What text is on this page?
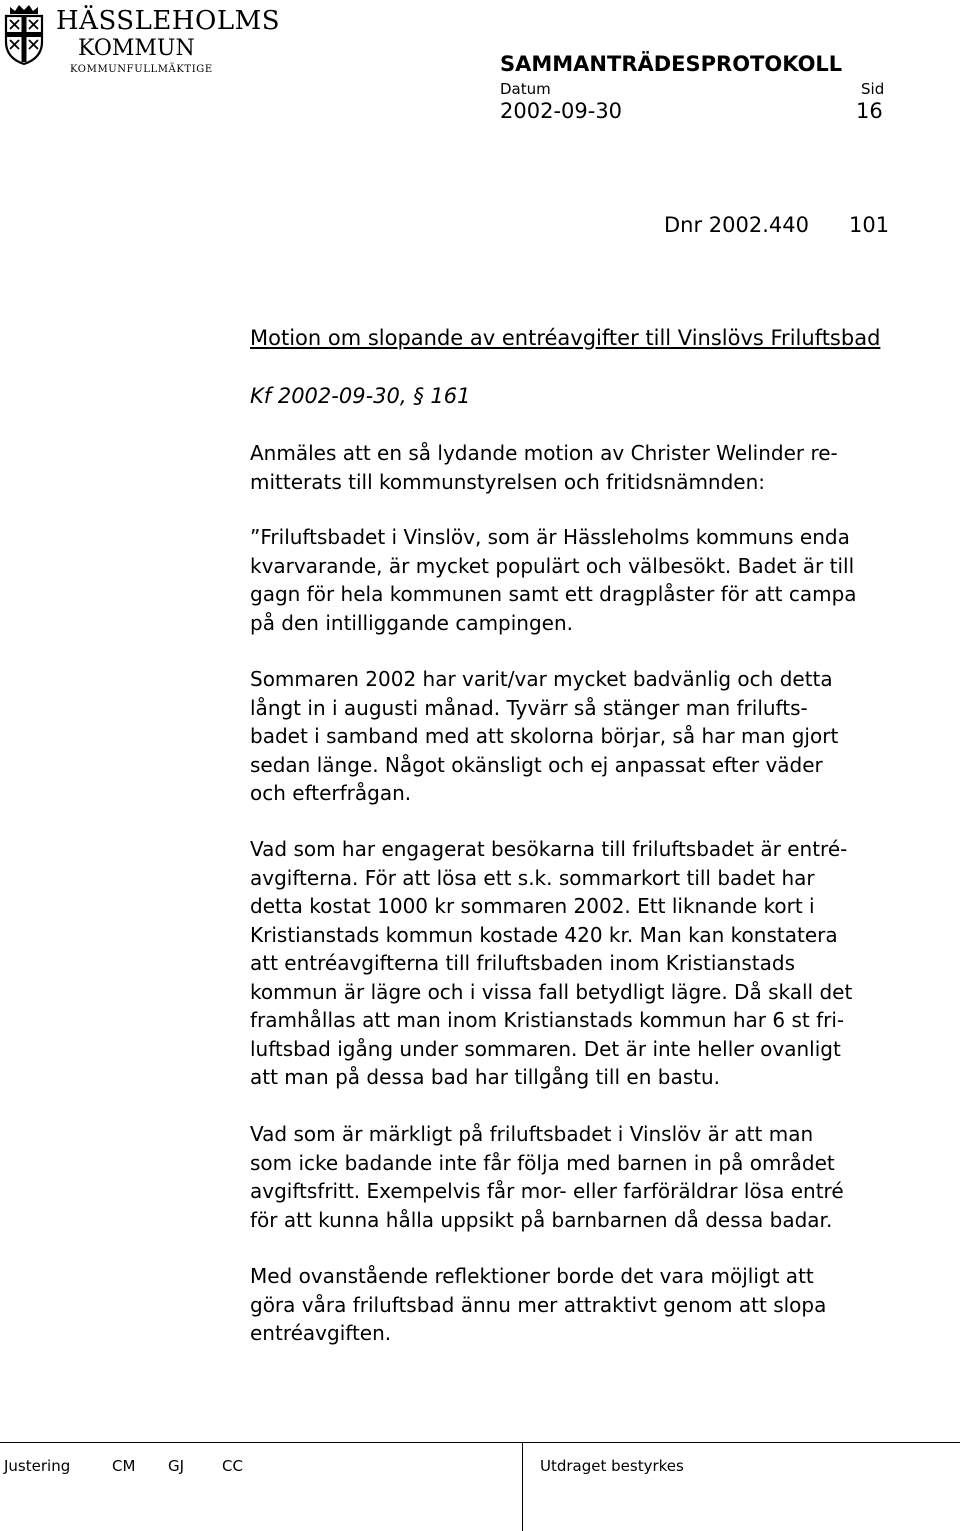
HÄSSLEHOLMS
KOMMUN
KOMMUNFULLMÄKTIGE	SAMMANTRÄDESPROTOKOLL
Datum	Sid
2002-09-30	16
Dnr 2002.440 101
Motion om slopande av entréavgifter till Vinslövs Friluftsbad
Kf 2002-09-30, § 161

Anmäles att en så lydande motion av Christer Welinder re-
mitterats till kommunstyrelsen och fritidsnämnden:

”Friluftsbadet i Vinslöv, som är Hässleholms kommuns enda
kvarvarande, är mycket populärt och välbesökt. Badet är till
gagn för hela kommunen samt ett dragplåster för att campa
på den intilliggande campingen.

Sommaren 2002 har varit/var mycket badvänlig och detta
långt in i augusti månad. Tyvärr så stänger man frilufts-
badet i samband med att skolorna börjar, så har man gjort
sedan länge. Något okänsligt och ej anpassat efter väder
och efterfrågan.

Vad som har engagerat besökarna till friluftsbadet är entré-
avgifterna. För att lösa ett s.k. sommarkort till badet har
detta kostat 1000 kr sommaren 2002. Ett liknande kort i
Kristianstads kommun kostade 420 kr. Man kan konstatera
att entréavgifterna till friluftsbaden inom Kristianstads
kommun är lägre och i vissa fall betydligt lägre. Då skall det
framhållas att man inom Kristianstads kommun har 6 st fri-
luftsbad igång under sommaren. Det är inte heller ovanligt
att man på dessa bad har tillgång till en bastu.

Vad som är märkligt på friluftsbadet i Vinslöv är att man
som icke badande inte får följa med barnen in på området
avgiftsfritt. Exempelvis får mor- eller farföräldrar lösa entré
för att kunna hålla uppsikt på barnbarnen då dessa badar.

Med ovanstående reflektioner borde det vara möjligt att
göra våra friluftsbad ännu mer attraktivt genom att slopa
entréavgiften.

Justering	CM GJ	CC	Utdraget bestyrkes
